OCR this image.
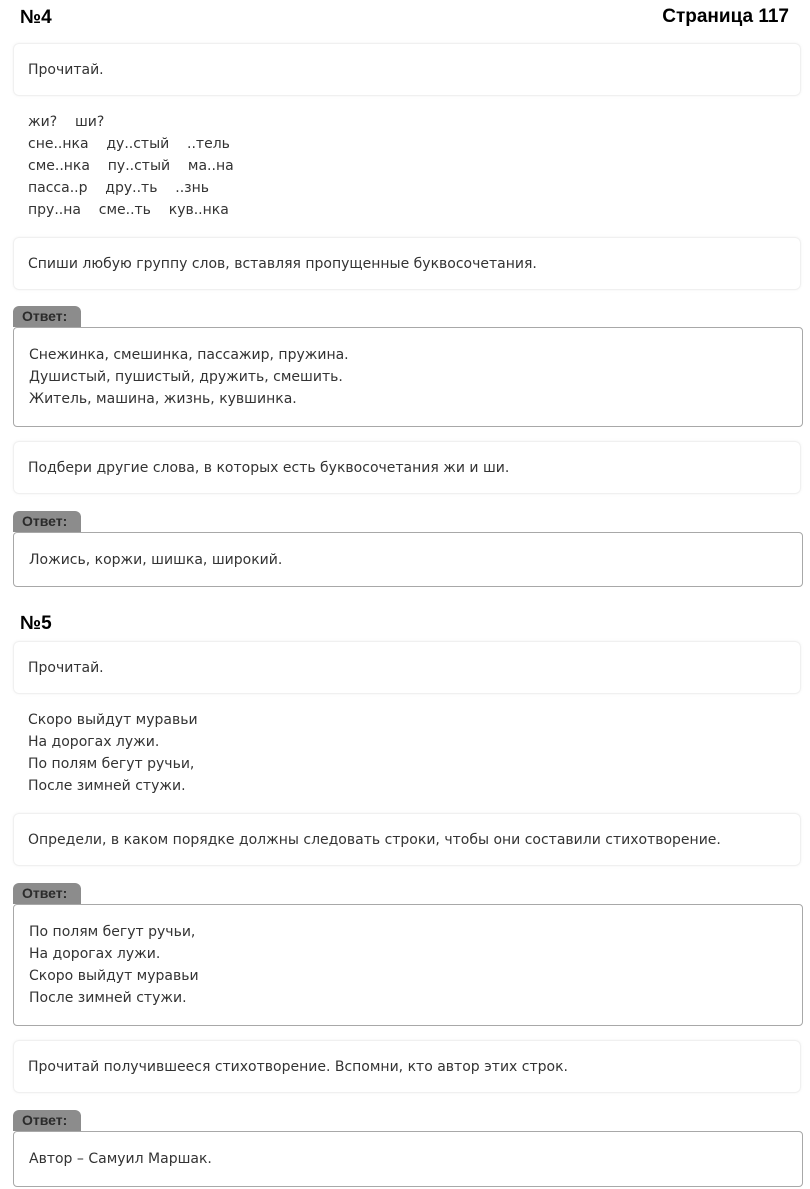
№4	Страница 117
Прочитай.
жи?    ши?
сне..нка    ду..стый    ..тель
сме..нка    пу..стый    ма..на
пасса..р    дру..ть    ..знь
пру..на    сме..ть    кув..нка
Спиши любую группу слов, вставляя пропущенные буквосочетания.
Ответ:
Снежинка, смешинка, пассажир, пружина.
Душистый, пушистый, дружить, смешить.
Житель, машина, жизнь, кувшинка.
Подбери другие слова, в которых есть буквосочетания жи и ши.
Ответ:
Ложись, коржи, шишка, широкий.
№5
Прочитай.
Скоро выйдут муравьи
На дорогах лужи.
По полям бегут ручьи,
После зимней стужи.
Определи, в каком порядке должны следовать строки, чтобы они составили стихотворение.
Ответ:
По полям бегут ручьи,
На дорогах лужи.
Скоро выйдут муравьи
После зимней стужи.
Прочитай получившееся стихотворение. Вспомни, кто автор этих строк.
Ответ:
Автор – Самуил Маршак.
